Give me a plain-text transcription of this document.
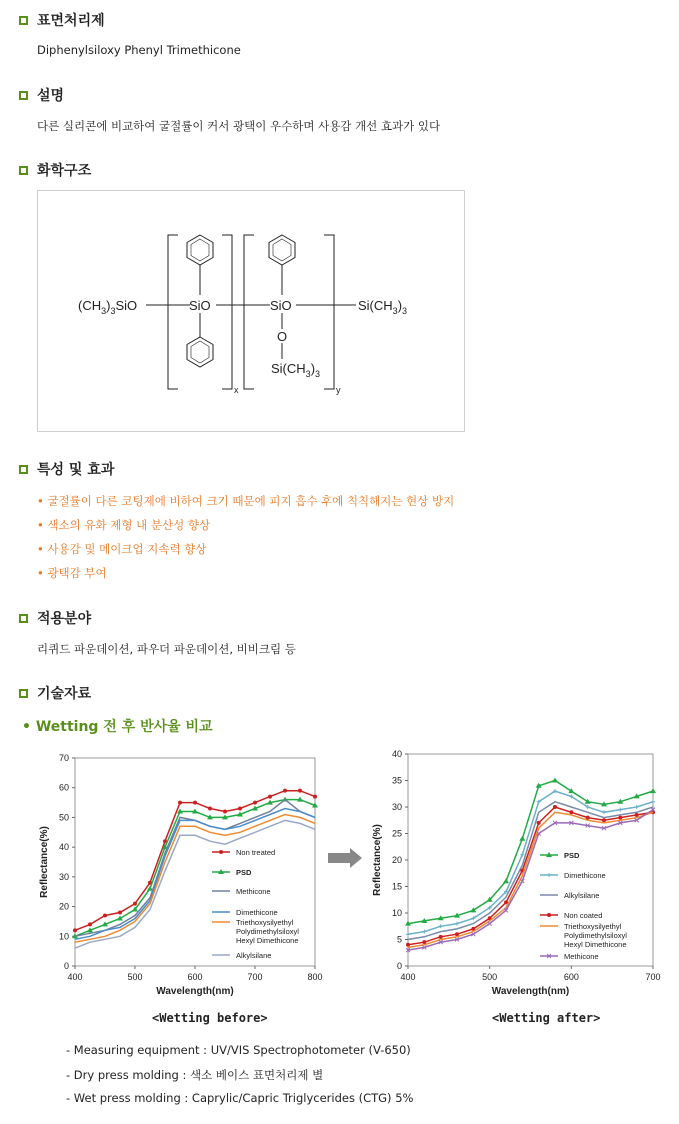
표면처리제
Diphenylsiloxy Phenyl Trimethicone
설명
다른 실리콘에 비교하여 굴절률이 커서 광택이 우수하며 사용감 개선 효과가 있다
화학구조
$(CH_3)_3SiO$	SiO	SiO
O
$Si(CH_3)_3$
$Si(CH_3)_3$
x	y
특성 및 효과
• 굴절률이 다른 코팅제에 비하여 크기 때문에 피지 흡수 후에 칙칙해지는 현상 방지
• 색소의 유화 제형 내 분산성 향상
• 사용감 및 메이크업 지속력 향상
• 광택감 부여
적용분야
리퀴드 파운데이션, 파우더 파운데이션, 비비크림 등
기술자료
• Wetting 전 후 반사율 비교
0
10
20
30
40
50
60
70
400	500	600	700	800
Wavelength(nm)
Reflectance(%)	Non treated
PSD
Methicone
Dimethicone
Triethoxysilyethyl
Polydimethylsiloxyl
Hexyl Dimethicone
Alkylsilane
0
5
10
15
20
25
30
35
40
400	500	600	700
Wavelength(nm)
Reflectance(%)	PSD
Dimethicone
Alkylsilane
Non coated
Triethoxysilyethyl
Polydimethylsiloxyl
Hexyl Dimethicone
Methicone
<Wetting before>	<Wetting after>
- Measuring equipment : UV/VIS Spectrophotometer (V-650)
- Dry press molding : 색소 베이스 표면처리제 별
- Wet press molding : Caprylic/Capric Triglycerides (CTG) 5%
